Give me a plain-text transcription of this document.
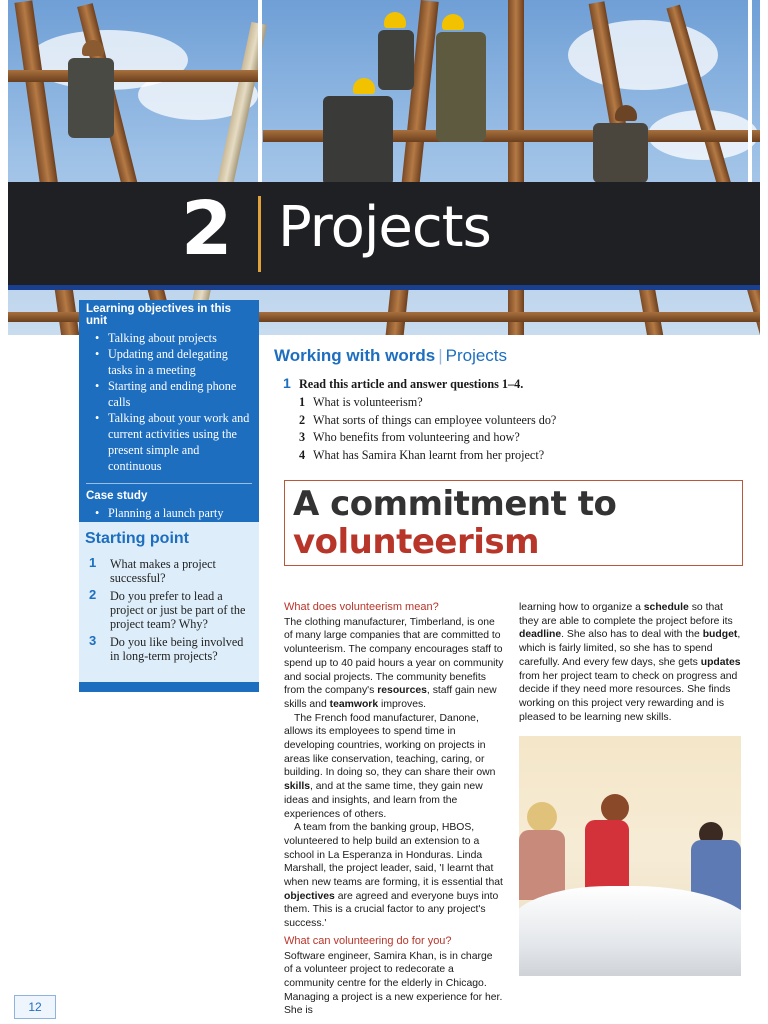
2 Projects
Learning objectives in this unit
• Talking about projects
• Updating and delegating tasks in a meeting
• Starting and ending phone calls
• Talking about your work and current activities using the present simple and continuous
Case study
• Planning a launch party
Starting point
1 What makes a project successful?
2 Do you prefer to lead a project or just be part of the project team? Why?
3 Do you like being involved in long-term projects?
Working with words | Projects
1 Read this article and answer questions 1–4.
1 What is volunteerism?
2 What sorts of things can employee volunteers do?
3 Who benefits from volunteering and how?
4 What has Samira Khan learnt from her project?
A commitment to
volunteerism

What does volunteerism mean?

The clothing manufacturer, Timberland, is one of many large companies that are committed to volunteerism. The company encourages staff to spend up to 40 paid hours a year on community and social projects. The community benefits from the company's resources, staff gain new skills and teamwork improves.

The French food manufacturer, Danone, allows its employees to spend time in developing countries, working on projects in areas like conservation, teaching, caring, or building. In doing so, they can share their own skills, and at the same time, they gain new ideas and insights, and learn from the experiences of others.

A team from the banking group, HBOS, volunteered to help build an extension to a school in La Esperanza in Honduras. Linda Marshall, the project leader, said, 'I learnt that when new teams are forming, it is essential that objectives are agreed and everyone buys into them. This is a crucial factor to any project's success.'

What can volunteering do for you?

Software engineer, Samira Khan, is in charge of a volunteer project to redecorate a community centre for the elderly in Chicago. Managing a project is a new experience for her. She is

learning how to organize a schedule so that they are able to complete the project before its deadline. She also has to deal with the budget, which is fairly limited, so she has to spend carefully. And every few days, she gets updates from her project team to check on progress and decide if they need more resources. She finds working on this project very rewarding and is pleased to be learning new skills.

12
